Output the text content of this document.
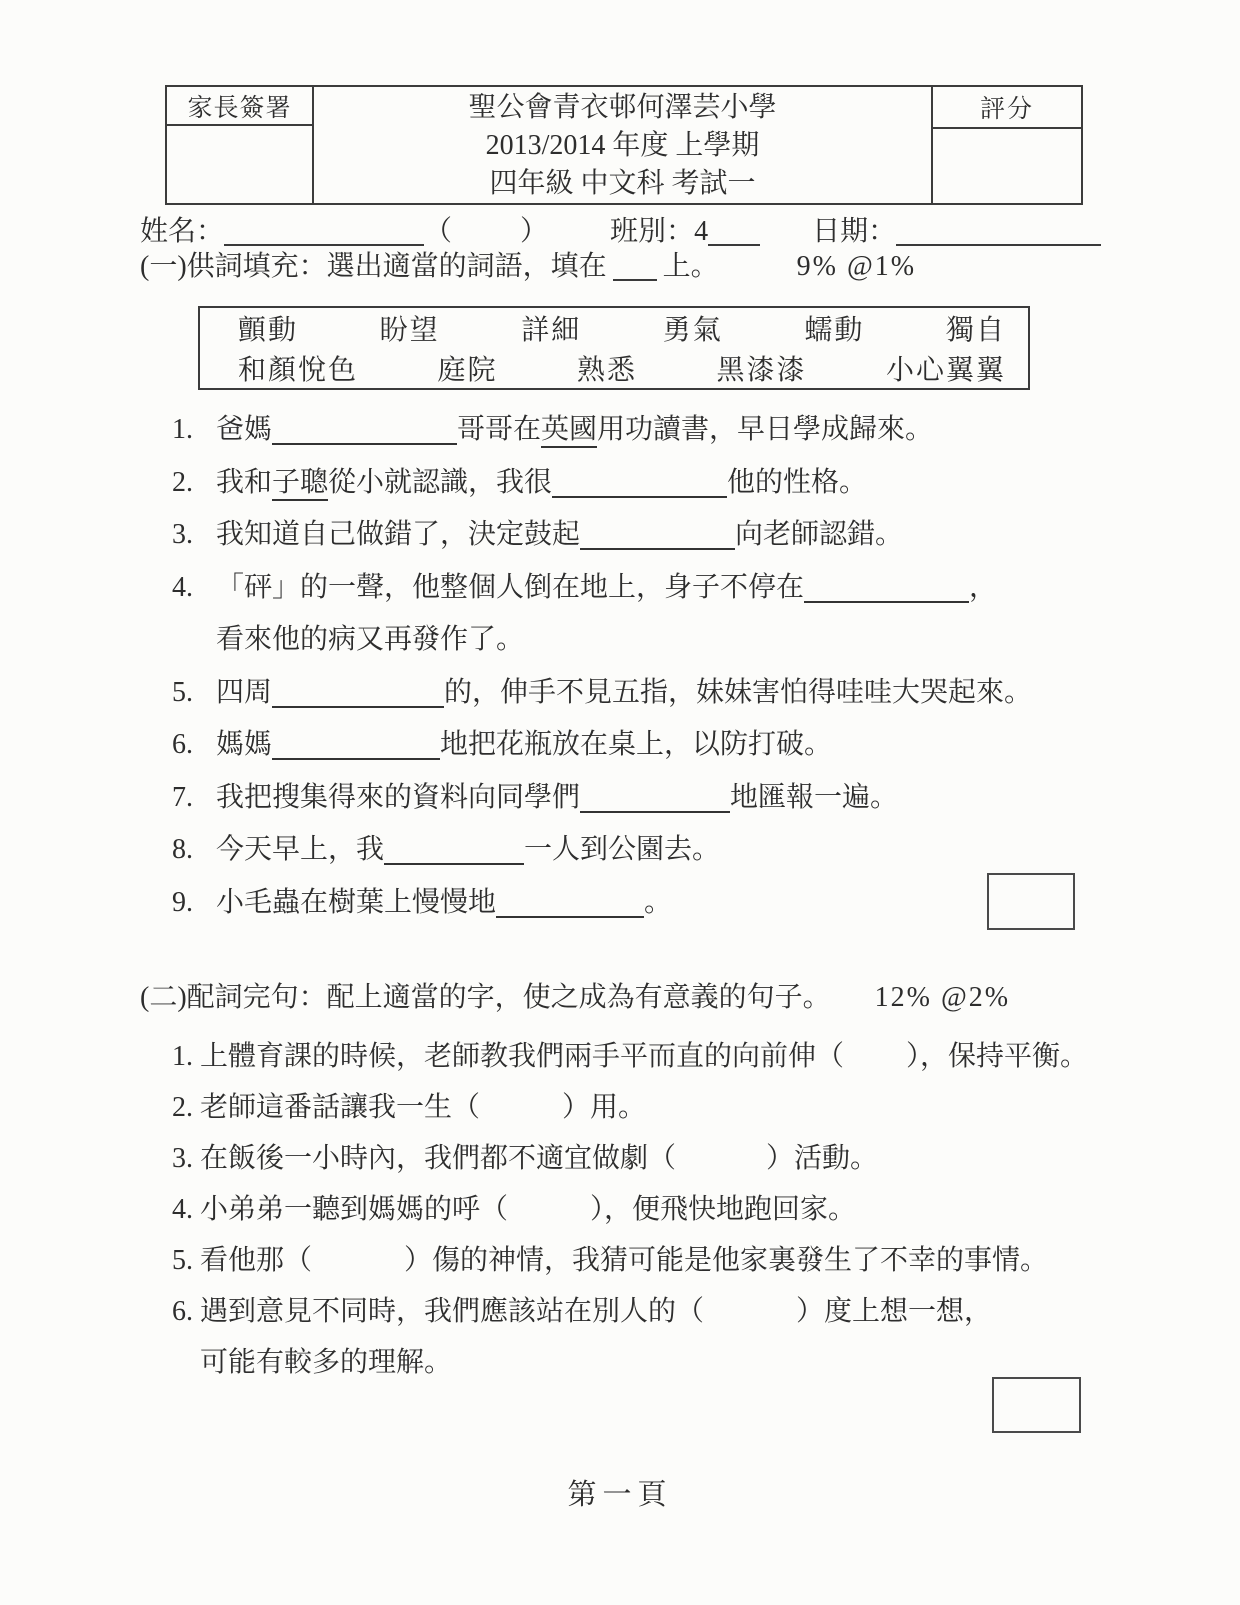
家長簽署	聖公會青衣邨何澤芸小學
2013/2014 年度 上學期
四年級 中文科 考試一
評分
姓名：	（ ） 班別：4	日期：
(一)供詞填充：選出適當的詞語，填在 上。	9% @1%
顫動	盼望	詳細	勇氣	蠕動	獨自
和顏悅色	庭院	熟悉	黑漆漆	小心翼翼
1. 爸媽	哥哥在英國用功讀書，早日學成歸來。
2. 我和子聰從小就認識，我很	他的性格。
3. 我知道自己做錯了，決定鼓起	向老師認錯。
4. 「砰」的一聲，他整個人倒在地上，身子不停在	，
看來他的病又再發作了。
5. 四周	的，伸手不見五指，妹妹害怕得哇哇大哭起來。
6. 媽媽	地把花瓶放在桌上，以防打破。
7. 我把搜集得來的資料向同學們	地匯報一遍。
8. 今天早上，我	一人到公園去。
9. 小毛蟲在樹葉上慢慢地	。
(二)配詞完句：配上適當的字，使之成為有意義的句子。 12% @2%
1. 上體育課的時候，老師教我們兩手平而直的向前伸（ ），保持平衡。
2. 老師這番話讓我一生（	）用。
3. 在飯後一小時內，我們都不適宜做劇（	）活動。
4. 小弟弟一聽到媽媽的呼（	），便飛快地跑回家。
5. 看他那（	）傷的神情，我猜可能是他家裏發生了不幸的事情。
6. 遇到意見不同時，我們應該站在別人的（	）度上想一想，
可能有較多的理解。
第一頁
